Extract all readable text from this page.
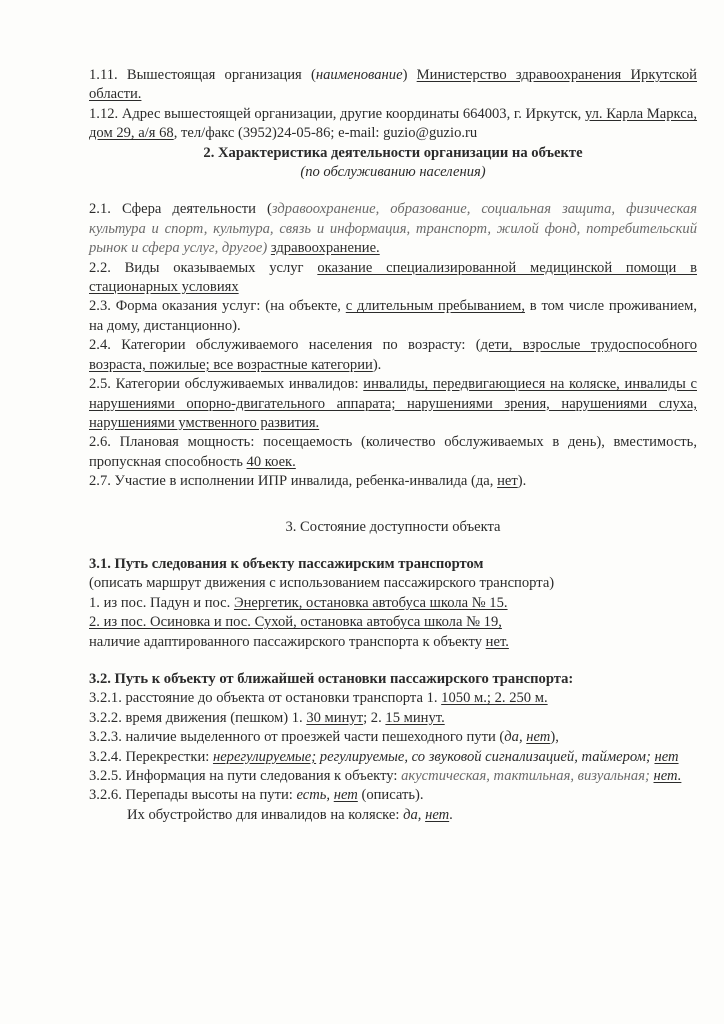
1.11. Вышестоящая организация (наименование) Министерство здравоохранения Иркутской области.

1.12. Адрес вышестоящей организации, другие координаты 664003, г. Иркутск, ул. Карла Маркса, дом 29, а/я 68, тел/факс (3952)24-05-86; e-mail: guzio@guzio.ru

2. Характеристика деятельности организации на объекте

(по обслуживанию населения)

2.1. Сфера деятельности (здравоохранение, образование, социальная защита, физическая культура и спорт, культура, связь и информация, транспорт, жилой фонд, потребительский рынок и сфера услуг, другое) здравоохранение.

2.2. Виды оказываемых услуг оказание специализированной медицинской помощи в стационарных условиях

2.3. Форма оказания услуг: (на объекте, с длительным пребыванием, в том числе проживанием, на дому, дистанционно).

2.4. Категории обслуживаемого населения по возрасту: (дети, взрослые трудоспособного возраста, пожилые; все возрастные категории).

2.5. Категории обслуживаемых инвалидов: инвалиды, передвигающиеся на коляске, инвалиды с нарушениями опорно-двигательного аппарата; нарушениями зрения, нарушениями слуха, нарушениями умственного развития.

2.6. Плановая мощность: посещаемость (количество обслуживаемых в день), вместимость, пропускная способность 40 коек.

2.7. Участие в исполнении ИПР инвалида, ребенка-инвалида (да, нет).

3. Состояние доступности объекта

3.1. Путь следования к объекту пассажирским транспортом

(описать маршрут движения с использованием пассажирского транспорта)

1. из пос. Падун и пос. Энергетик, остановка автобуса школа № 15.

2. из пос. Осиновка и пос. Сухой, остановка автобуса школа № 19,

наличие адаптированного пассажирского транспорта к объекту нет.

3.2. Путь к объекту от ближайшей остановки пассажирского транспорта:

3.2.1. расстояние до объекта от остановки транспорта 1. 1050 м.; 2. 250 м.

3.2.2. время движения (пешком) 1. 30 минут; 2. 15 минут.

3.2.3. наличие выделенного от проезжей части пешеходного пути (да, нет),

3.2.4. Перекрестки: нерегулируемые; регулируемые, со звуковой сигнализацией, таймером; нет

3.2.5. Информация на пути следования к объекту: акустическая, тактильная, визуальная; нет.

3.2.6. Перепады высоты на пути: есть, нет (описать).

Их обустройство для инвалидов на коляске: да, нет.
